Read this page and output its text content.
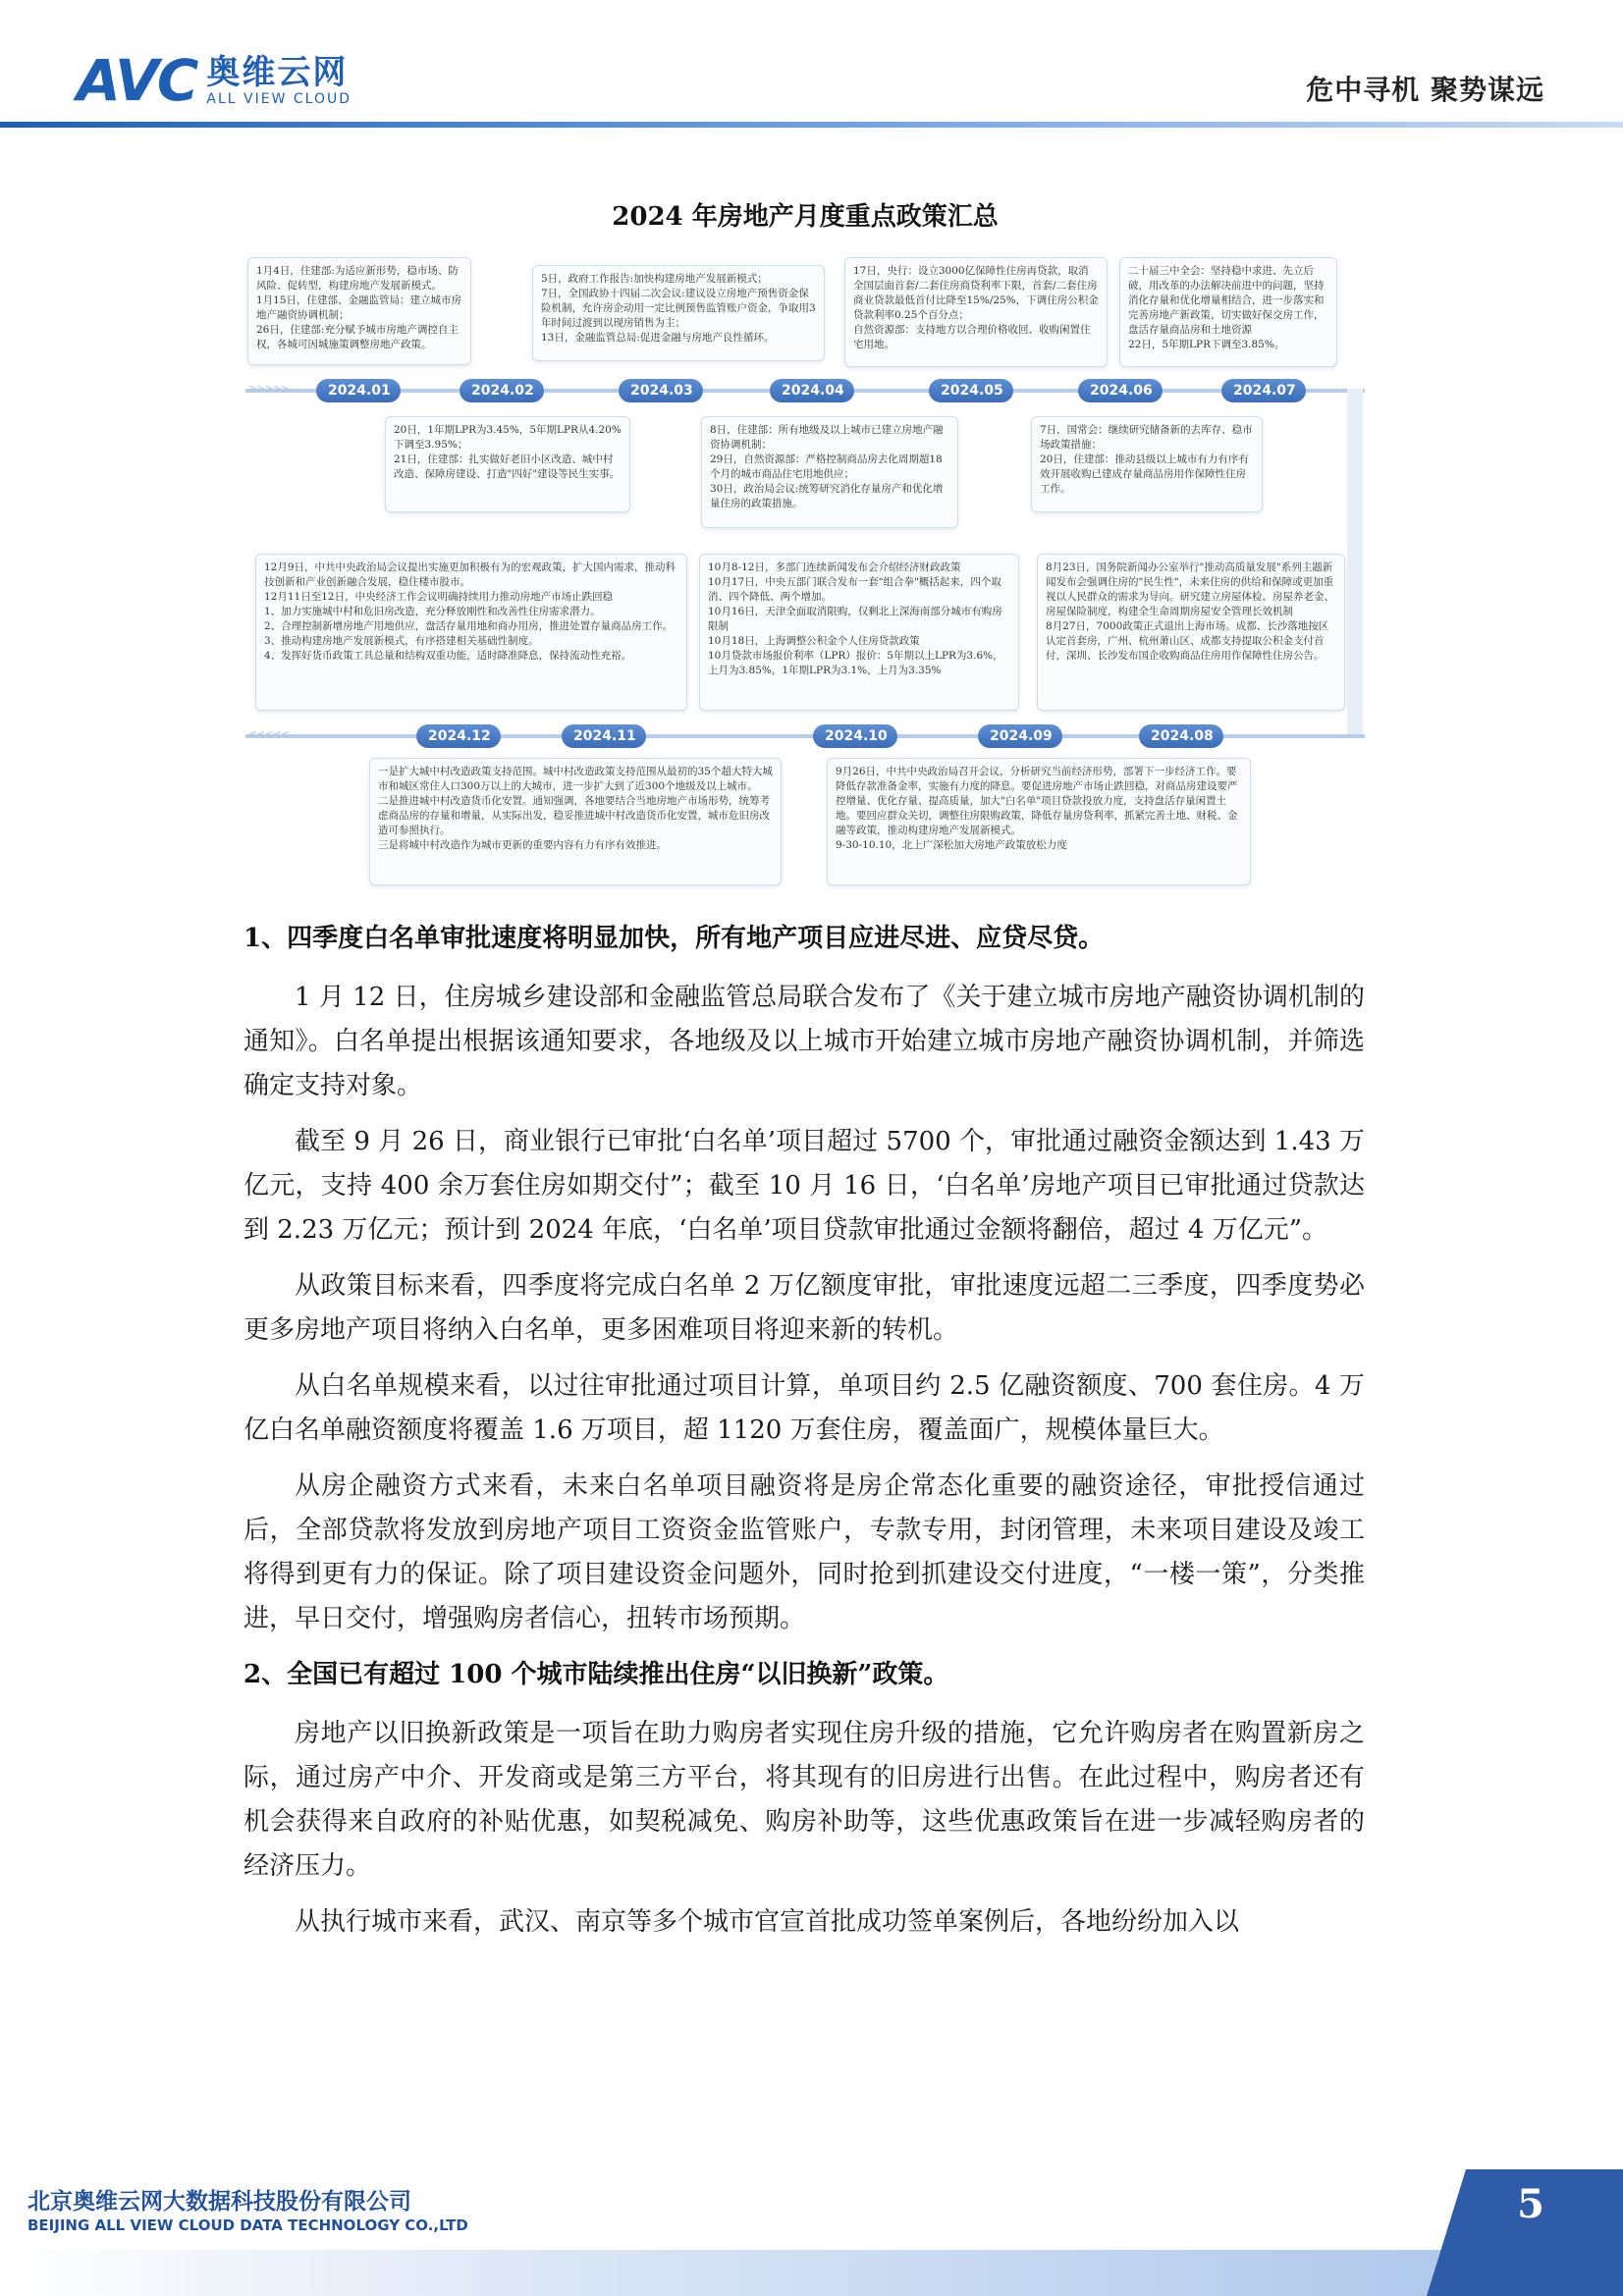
AVC 奥维云网
ALL VIEW CLOUD	危中寻机 聚势谋远
2024 年房地产月度重点政策汇总

1月4日，住建部:为适应新形势，稳市场、防风险、促转型，构建房地产发展新模式。

1月15日，住建部、金融监管局：建立城市房地产融资协调机制；

26日，住建部:充分赋予城市房地产调控自主权，各城可因城施策调整房地产政策。

5日，政府工作报告:加快构建房地产发展新模式；

7日，全国政协十四届二次会议:建议设立房地产预售资金保险机制，允许房企动用一定比例预售监管账户资金，争取用3年时间过渡到以现房销售为主；

13日，金融监管总局:促进金融与房地产良性循环。

17日，央行：设立3000亿保障性住房再贷款，取消全国层面首套/二套住房商贷利率下限，首套/二套住房商业贷款最低首付比降至15%/25%，下调住房公积金贷款利率0.25个百分点；

自然资源部：支持地方以合理价格收回、收购闲置住宅用地。

二十届三中全会：坚持稳中求进、先立后破，用改革的办法解决前进中的问题，坚持消化存量和优化增量相结合，进一步落实和完善房地产新政策，切实做好保交房工作，盘活存量商品房和土地资源

22日，5年期LPR下调至3.85%。

>>>>>	2024.01	2024.02	2024.03	2024.04	2024.05	2024.06	2024.07

20日，1年期LPR为3.45%，5年期LPR从4.20%下调至3.95%；

21日，住建部：扎实做好老旧小区改造、城中村改造、保障房建设、打造"四好"建设等民生实事。

8日，住建部：所有地级及以上城市已建立房地产融资协调机制；

29日，自然资源部：严格控制商品房去化周期超18个月的城市商品住宅用地供应；

30日，政治局会议:统筹研究消化存量房产和优化增量住房的政策措施。

7日，国常会：继续研究储备新的去库存、稳市场政策措施；

20日，住建部：推动县级以上城市有力有序有效开展收购已建成存量商品房用作保障性住房工作。

12月9日，中共中央政治局会议提出实施更加积极有为的宏观政策，扩大国内需求，推动科技创新和产业创新融合发展，稳住楼市股市。

12月11日至12日，中央经济工作会议明确持续用力推动房地产市场止跌回稳

1、加力实施城中村和危旧房改造，充分释放刚性和改善性住房需求潜力。

2、合理控制新增房地产用地供应，盘活存量用地和商办用房，推进处置存量商品房工作。3、推动构建房地产发展新模式，有序搭建相关基础性制度。

4、发挥好货币政策工具总量和结构双重功能，适时降准降息，保持流动性充裕。

10月8-12日，多部门连续新闻发布会介绍经济财政政策

10月17日，中央五部门联合发布一套"组合拳"概括起来，四个取消、四个降低、两个增加。

10月16日，天津全面取消限购，仅剩北上深海南部分城市有购房限制

10月18日，上海调整公积金个人住房贷款政策

10月贷款市场报价利率（LPR）报价：5年期以上LPR为3.6%，上月为3.85%，1年期LPR为3.1%，上月为3.35%

8月23日，国务院新闻办公室举行"推动高质量发展"系列主题新闻发布会强调住房的"民生性"，未来住房的供给和保障或更加重视以人民群众的需求为导向。研究建立房屋体检、房屋养老金、房屋保险制度，构建全生命周期房屋安全管理长效机制

8月27日，7000政策正式退出上海市场。成都、长沙落地按区认定首套房，广州、杭州萧山区、成都支持提取公积金支付首付，深圳、长沙发布国企收购商品住房用作保障性住房公告。

<<<<<	2024.12	2024.11	2024.10	2024.09	2024.08

一是扩大城中村改造政策支持范围。城中村改造政策支持范围从最初的35个超大特大城市和城区常住人口300万以上的大城市，进一步扩大到了近300个地级及以上城市。

二是推进城中村改造货币化安置。通知强调，各地要结合当地房地产市场形势，统筹考虑商品房的存量和增量，从实际出发，稳妥推进城中村改造货币化安置，城市危旧房改造可参照执行。

三是将城中村改造作为城市更新的重要内容有力有序有效推进。

9月26日，中共中央政治局召开会议，分析研究当前经济形势，部署下一步经济工作。要降低存款准备金率，实施有力度的降息。要促进房地产市场止跌回稳，对商品房建设要严控增量、优化存量、提高质量，加大"白名单"项目贷款投放力度，支持盘活存量闲置土地。要回应群众关切，调整住房限购政策，降低存量房贷利率，抓紧完善土地、财税、金融等政策，推动构建房地产发展新模式。

9-30-10.10，北上广深松加大房地产政策放松力度

1、四季度白名单审批速度将明显加快，所有地产项目应进尽进、应贷尽贷。

1 月 12 日，住房城乡建设部和金融监管总局联合发布了《关于建立城市房地产融资协调机制的通知》。白名单提出根据该通知要求，各地级及以上城市开始建立城市房地产融资协调机制，并筛选确定支持对象。

截至 9 月 26 日，商业银行已审批‘白名单’项目超过 5700 个，审批通过融资金额达到 1.43 万亿元，支持 400 余万套住房如期交付”；截至 10 月 16 日，‘白名单’房地产项目已审批通过贷款达到 2.23 万亿元；预计到 2024 年底，‘白名单’项目贷款审批通过金额将翻倍，超过 4 万亿元”。

从政策目标来看，四季度将完成白名单 2 万亿额度审批，审批速度远超二三季度，四季度势必更多房地产项目将纳入白名单，更多困难项目将迎来新的转机。

从白名单规模来看，以过往审批通过项目计算，单项目约 2.5 亿融资额度、700 套住房。4 万亿白名单融资额度将覆盖 1.6 万项目，超 1120 万套住房，覆盖面广，规模体量巨大。

从房企融资方式来看，未来白名单项目融资将是房企常态化重要的融资途径，审批授信通过后，全部贷款将发放到房地产项目工资资金监管账户，专款专用，封闭管理，未来项目建设及竣工将得到更有力的保证。除了项目建设资金问题外，同时抢到抓建设交付进度，“一楼一策”，分类推进，早日交付，增强购房者信心，扭转市场预期。

2、全国已有超过 100 个城市陆续推出住房“以旧换新”政策。

房地产以旧换新政策是一项旨在助力购房者实现住房升级的措施，它允许购房者在购置新房之际，通过房产中介、开发商或是第三方平台，将其现有的旧房进行出售。在此过程中，购房者还有机会获得来自政府的补贴优惠，如契税减免、购房补助等，这些优惠政策旨在进一步减轻购房者的经济压力。

从执行城市来看，武汉、南京等多个城市官宣首批成功签单案例后，各地纷纷加入以

北京奥维云网大数据科技股份有限公司
BEIJING ALL VIEW CLOUD DATA TECHNOLOGY CO.,LTD	5
